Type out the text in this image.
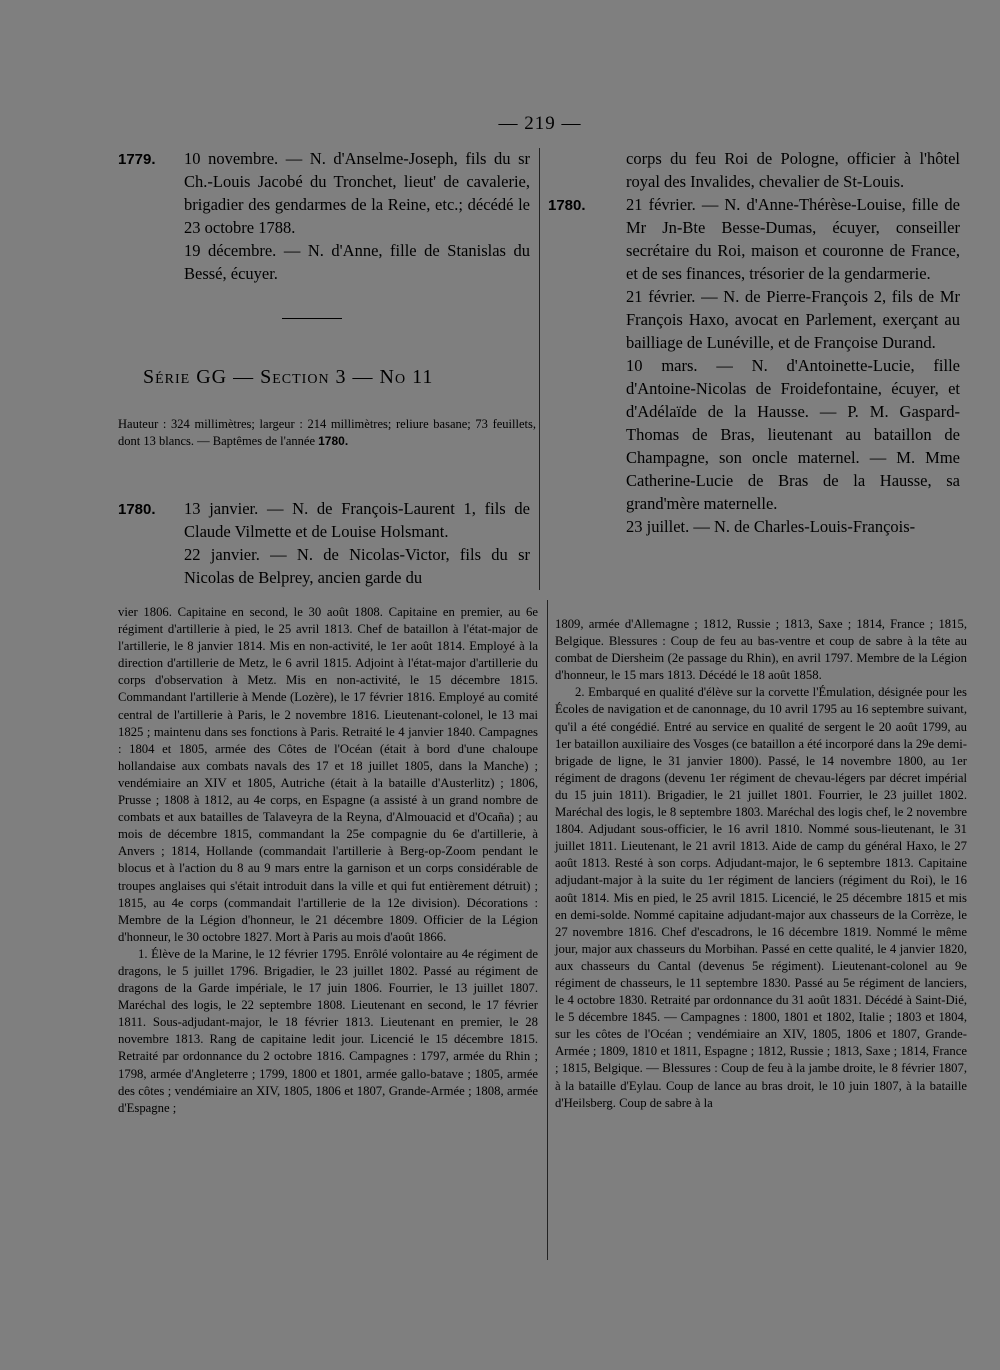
— 219 —

1779.	10 novembre. — N. d'Anselme-Joseph, fils du sr Ch.-Louis Jacobé du Tronchet, lieut' de cavalerie, brigadier des gendarmes de la Reine, etc.; décédé le 23 octobre 1788.

19 décembre. — N. d'Anne, fille de Stanislas du Bessé, écuyer.

Série GG — Section 3 — No 11
Hauteur : 324 millimètres; largeur : 214 millimètres; reliure basane; 73 feuillets, dont 13 blancs. — Baptêmes de l'année 1780.

1780.	13 janvier. — N. de François-Laurent 1, fils de Claude Vilmette et de Louise Holsmant.

22 janvier. — N. de Nicolas-Victor, fils du sr Nicolas de Belprey, ancien garde du

corps du feu Roi de Pologne, officier à l'hôtel royal des Invalides, chevalier de St-Louis.

1780.	21 février. — N. d'Anne-Thérèse-Louise, fille de Mr Jn-Bte Besse-Dumas, écuyer, conseiller secrétaire du Roi, maison et couronne de France, et de ses finances, trésorier de la gendarmerie.

21 février. — N. de Pierre-François 2, fils de Mr François Haxo, avocat en Parlement, exerçant au bailliage de Lunéville, et de Françoise Durand.

10 mars. — N. d'Antoinette-Lucie, fille d'Antoine-Nicolas de Froidefontaine, écuyer, et d'Adélaïde de la Hausse. — P. M. Gaspard-Thomas de Bras, lieutenant au bataillon de Champagne, son oncle maternel. — M. Mme Catherine-Lucie de Bras de la Hausse, sa grand'mère maternelle.

23 juillet. — N. de Charles-Louis-François-

vier 1806. Capitaine en second, le 30 août 1808. Capitaine en premier, au 6e régiment d'artillerie à pied, le 25 avril 1813. Chef de bataillon à l'état-major de l'artillerie, le 8 janvier 1814. Mis en non-activité, le 1er août 1814. Employé à la direction d'artillerie de Metz, le 6 avril 1815. Adjoint à l'état-major d'artillerie du corps d'observation à Metz. Mis en non-activité, le 15 décembre 1815. Commandant l'artillerie à Mende (Lozère), le 17 février 1816. Employé au comité central de l'artillerie à Paris, le 2 novembre 1816. Lieutenant-colonel, le 13 mai 1825 ; maintenu dans ses fonctions à Paris. Retraité le 4 janvier 1840. Campagnes : 1804 et 1805, armée des Côtes de l'Océan (était à bord d'une chaloupe hollandaise aux combats navals des 17 et 18 juillet 1805, dans la Manche) ; vendémiaire an XIV et 1805, Autriche (était à la bataille d'Austerlitz) ; 1806, Prusse ; 1808 à 1812, au 4e corps, en Espagne (a assisté à un grand nombre de combats et aux batailles de Talaveyra de la Reyna, d'Almouacid et d'Ocaña) ; au mois de décembre 1815, commandant la 25e compagnie du 6e d'artillerie, à Anvers ; 1814, Hollande (commandait l'artillerie à Berg-op-Zoom pendant le blocus et à l'action du 8 au 9 mars entre la garnison et un corps considérable de troupes anglaises qui s'était introduit dans la ville et qui fut entièrement détruit) ; 1815, au 4e corps (commandait l'artillerie de la 12e division). Décorations : Membre de la Légion d'honneur, le 21 décembre 1809. Officier de la Légion d'honneur, le 30 octobre 1827. Mort à Paris au mois d'août 1866.

1. Élève de la Marine, le 12 février 1795. Enrôlé volontaire au 4e régiment de dragons, le 5 juillet 1796. Brigadier, le 23 juillet 1802. Passé au régiment de dragons de la Garde impériale, le 17 juin 1806. Fourrier, le 13 juillet 1807. Maréchal des logis, le 22 septembre 1808. Lieutenant en second, le 17 février 1811. Sous-adjudant-major, le 18 février 1813. Lieutenant en premier, le 28 novembre 1813. Rang de capitaine ledit jour. Licencié le 15 décembre 1815. Retraité par ordonnance du 2 octobre 1816. Campagnes : 1797, armée du Rhin ; 1798, armée d'Angleterre ; 1799, 1800 et 1801, armée gallo-batave ; 1805, armée des côtes ; vendémiaire an XIV, 1805, 1806 et 1807, Grande-Armée ; 1808, armée d'Espagne ;

1809, armée d'Allemagne ; 1812, Russie ; 1813, Saxe ; 1814, France ; 1815, Belgique. Blessures : Coup de feu au bas-ventre et coup de sabre à la tête au combat de Diersheim (2e passage du Rhin), en avril 1797. Membre de la Légion d'honneur, le 15 mars 1813. Décédé le 18 août 1858.

2. Embarqué en qualité d'élève sur la corvette l'Émulation, désignée pour les Écoles de navigation et de canonnage, du 10 avril 1795 au 16 septembre suivant, qu'il a été congédié. Entré au service en qualité de sergent le 20 août 1799, au 1er bataillon auxiliaire des Vosges (ce bataillon a été incorporé dans la 29e demi-brigade de ligne, le 31 janvier 1800). Passé, le 14 novembre 1800, au 1er régiment de dragons (devenu 1er régiment de chevau-légers par décret impérial du 15 juin 1811). Brigadier, le 21 juillet 1801. Fourrier, le 23 juillet 1802. Maréchal des logis, le 8 septembre 1803. Maréchal des logis chef, le 2 novembre 1804. Adjudant sous-officier, le 16 avril 1810. Nommé sous-lieutenant, le 31 juillet 1811. Lieutenant, le 21 avril 1813. Aide de camp du général Haxo, le 27 août 1813. Resté à son corps. Adjudant-major, le 6 septembre 1813. Capitaine adjudant-major à la suite du 1er régiment de lanciers (régiment du Roi), le 16 août 1814. Mis en pied, le 25 avril 1815. Licencié, le 25 décembre 1815 et mis en demi-solde. Nommé capitaine adjudant-major aux chasseurs de la Corrèze, le 27 novembre 1816. Chef d'escadrons, le 16 décembre 1819. Nommé le même jour, major aux chasseurs du Morbihan. Passé en cette qualité, le 4 janvier 1820, aux chasseurs du Cantal (devenus 5e régiment). Lieutenant-colonel au 9e régiment de chasseurs, le 11 septembre 1830. Passé au 5e régiment de lanciers, le 4 octobre 1830. Retraité par ordonnance du 31 août 1831. Décédé à Saint-Dié, le 5 décembre 1845. — Campagnes : 1800, 1801 et 1802, Italie ; 1803 et 1804, sur les côtes de l'Océan ; vendémiaire an XIV, 1805, 1806 et 1807, Grande-Armée ; 1809, 1810 et 1811, Espagne ; 1812, Russie ; 1813, Saxe ; 1814, France ; 1815, Belgique. — Blessures : Coup de feu à la jambe droite, le 8 février 1807, à la bataille d'Eylau. Coup de lance au bras droit, le 10 juin 1807, à la bataille d'Heilsberg. Coup de sabre à la
